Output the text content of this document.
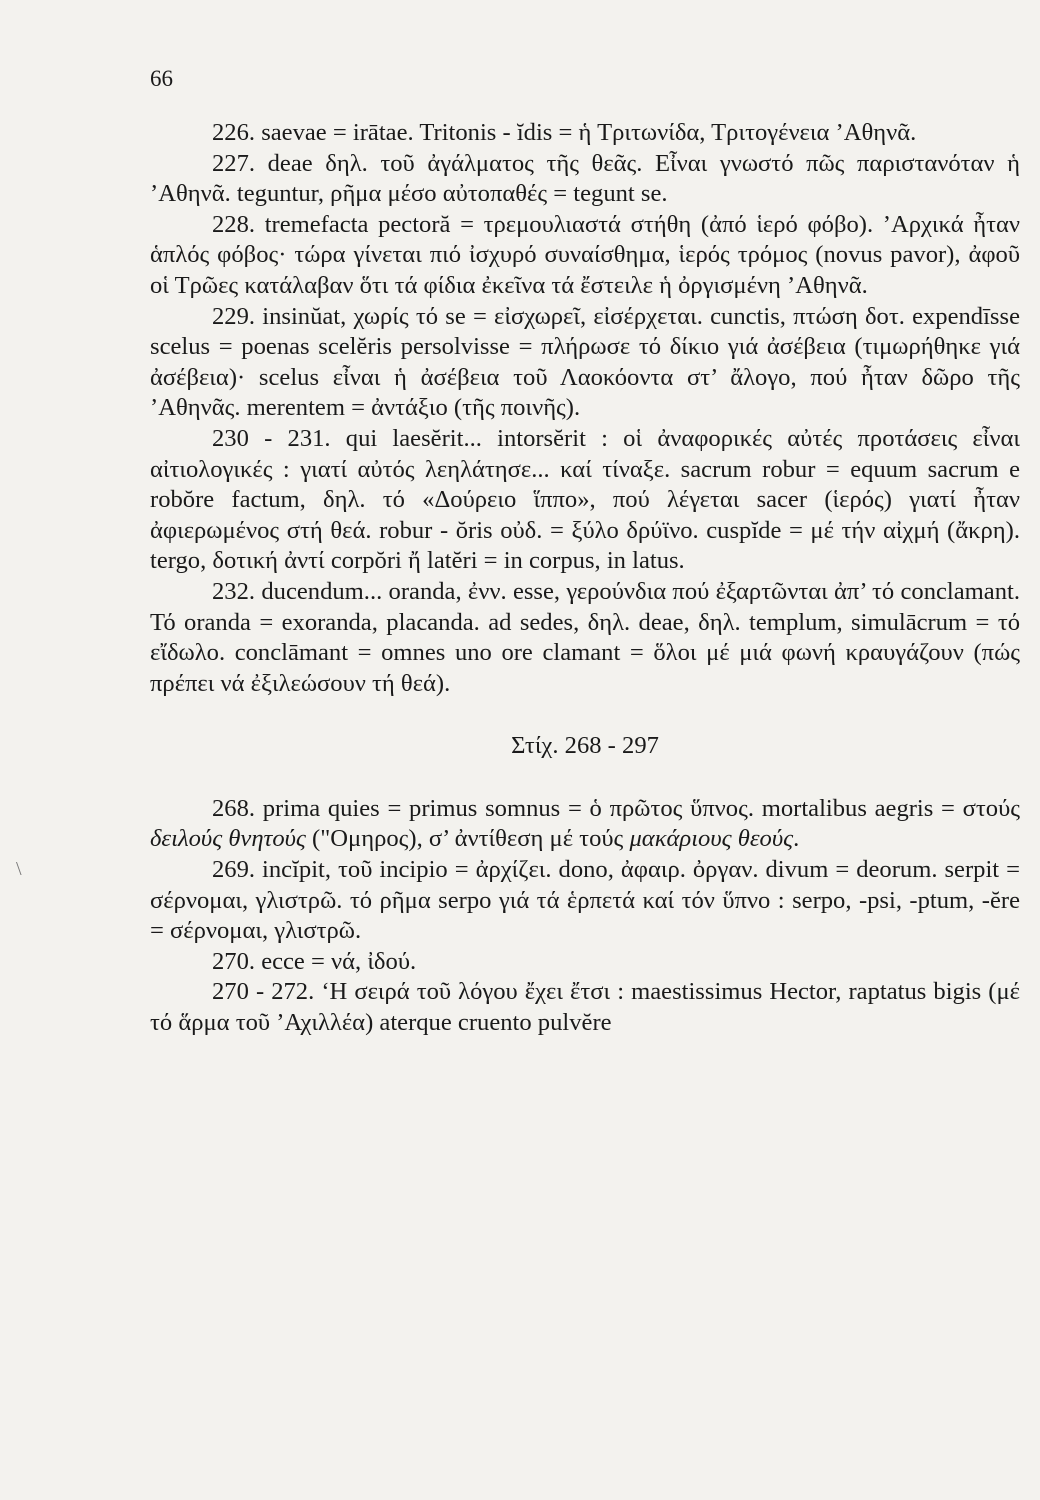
66
\

226. saevae = irātae. Tritonis - ĭdis = ἡ Τριτωνίδα, Τριτογένεια ’Αθηνᾶ.

227. deae δηλ. τοῦ ἀγάλματος τῆς θεᾶς. Εἶναι γνωστό πῶς παριστανόταν ἡ ’Αθηνᾶ. teguntur, ρῆμα μέσο αὐτοπαθές = tegunt se.

228. tremefacta pectoră = τρεμουλιαστά στήθη (ἀπό ἱερό φόβο). ’Αρχικά ἦταν ἁπλός φόβος· τώρα γίνεται πιό ἰσχυρό συναίσθημα, ἱερός τρόμος (novus pavor), ἀφοῦ οἱ Τρῶες κατάλαβαν ὅτι τά φίδια ἐκεῖνα τά ἔστειλε ἡ ὀργισμένη ’Αθηνᾶ.

229. insinŭat, χωρίς τό se = εἰσχωρεῖ, εἰσέρχεται. cunctis, πτώση δοτ. expendīsse scelus = poenas scelĕris persolvisse = πλήρωσε τό δίκιο γιά ἀσέβεια (τιμωρήθηκε γιά ἀσέβεια)· scelus εἶναι ἡ ἀσέβεια τοῦ Λαοκόοντα στ’ ἄλογο, πού ἦταν δῶρο τῆς ’Αθηνᾶς. merentem = ἀντάξιο (τῆς ποινῆς).

230 - 231. qui laesĕrit... intorsĕrit : οἱ ἀναφορικές αὐτές προτάσεις εἶναι αἰτιολογικές : γιατί αὐτός λεηλάτησε... καί τίναξε. sacrum robur = equum sacrum e robŏre factum, δηλ. τό «Δούρειο ἵππο», πού λέγεται sacer (ἱερός) γιατί ἦταν ἀφιερωμένος στή θεά. robur - ŏris οὐδ. = ξύλο δρύϊνο. cuspĭde = μέ τήν αἰχμή (ἄκρη). tergo, δοτική ἀντί corpŏri ἤ latĕri = in corpus, in latus.

232. ducendum... oranda, ἐνν. esse, γερούνδια πού ἐξαρτῶνται ἀπ’ τό conclamant. Τό oranda = exoranda, placanda. ad sedes, δηλ. deae, δηλ. templum, simulācrum = τό εἴδωλο. conclāmant = omnes uno ore clamant = ὅλοι μέ μιά φωνή κραυγάζουν (πώς πρέπει νά ἐξιλεώσουν τή θεά).

Στίχ. 268 - 297

268. prima quies = primus somnus = ὁ πρῶτος ὕπνος. mortalibus aegris = στούς δειλούς θνητούς ("Ομηρος), σ’ ἀντίθεση μέ τούς μακάριους θεούς.

269. incĭpit, τοῦ incipio = ἀρχίζει. dono, ἀφαιρ. ὀργαν. divum = deorum. serpit = σέρνομαι, γλιστρῶ. τό ρῆμα serpo γιά τά ἑρπετά καί τόν ὕπνο : serpo, -psi, -ptum, -ĕre = σέρνομαι, γλιστρῶ.

270. ecce = νά, ἰδού.

270 - 272. ‘Η σειρά τοῦ λόγου ἔχει ἔτσι : maestissimus Hector, raptatus bigis (μέ τό ἅρμα τοῦ ’Αχιλλέα) aterque cruento pulvĕre
